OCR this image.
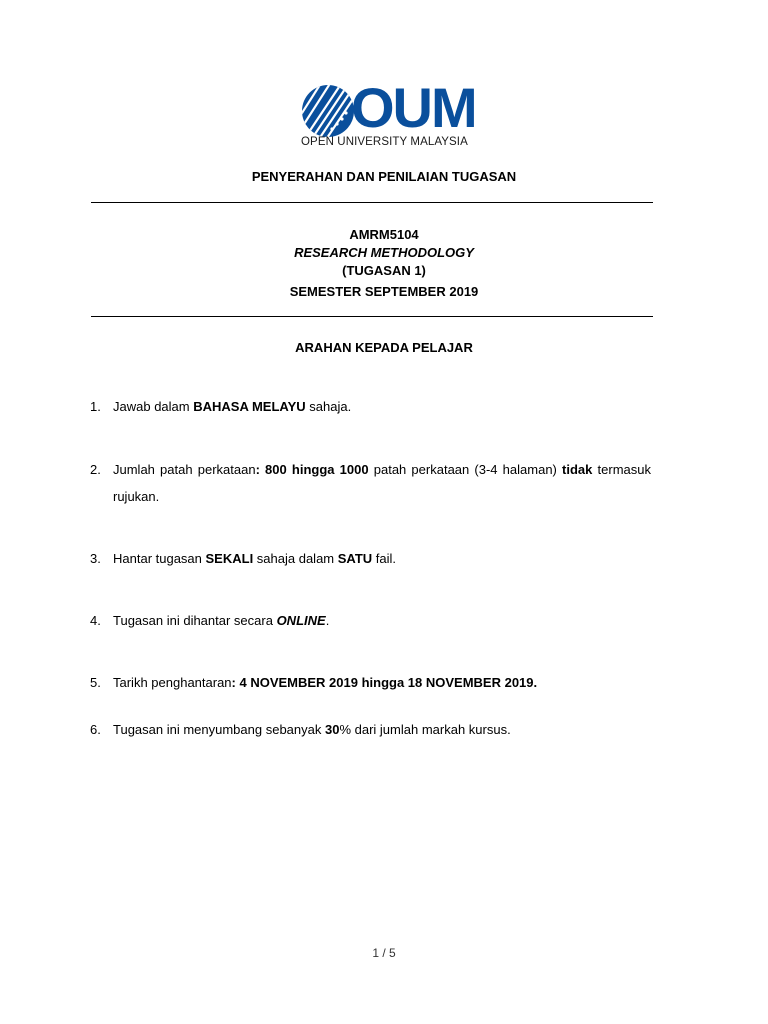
OUM
OPEN UNIVERSITY MALAYSIA
PENYERAHAN DAN PENILAIAN TUGASAN
AMRM5104
RESEARCH METHODOLOGY
(TUGASAN 1)
SEMESTER SEPTEMBER 2019
ARAHAN KEPADA PELAJAR
1. Jawab dalam BAHASA MELAYU sahaja.
2. Jumlah patah perkataan: 800 hingga 1000 patah perkataan (3-4 halaman) tidak termasuk rujukan.
3. Hantar tugasan SEKALI sahaja dalam SATU fail.
4. Tugasan ini dihantar secara ONLINE.
5. Tarikh penghantaran: 4 NOVEMBER 2019 hingga 18 NOVEMBER 2019.
6. Tugasan ini menyumbang sebanyak 30% dari jumlah markah kursus.
1 / 5
